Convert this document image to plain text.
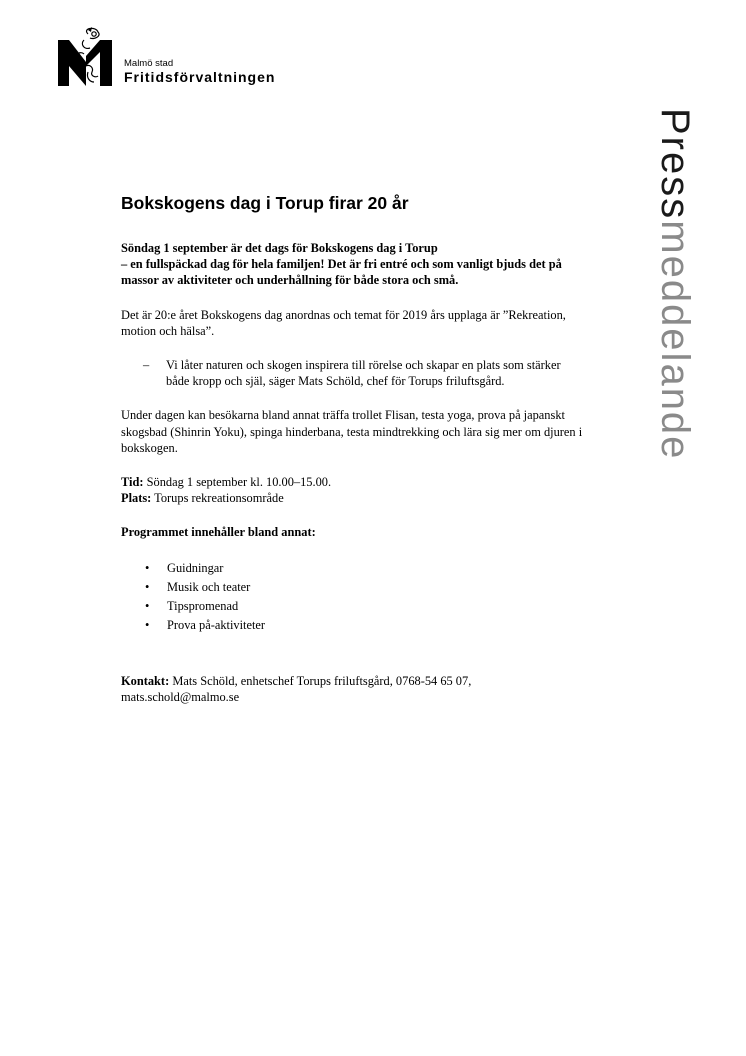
Malmö stad
Fritidsförvaltningen
Pressmeddelande
Bokskogens dag i Torup firar 20 år

Söndag 1 september är det dags för Bokskogens dag i Torup
– en fullspäckad dag för hela familjen! Det är fri entré och som vanligt bjuds det på massor av aktiviteter och underhållning för både stora och små.

Det är 20:e året Bokskogens dag anordnas och temat för 2019 års upplaga är ”Rekreation, motion och hälsa”.

–	Vi låter naturen och skogen inspirera till rörelse och skapar en plats som stärker både kropp och själ, säger Mats Schöld, chef för Torups friluftsgård.

Under dagen kan besökarna bland annat träffa trollet Flisan, testa yoga, prova på japanskt skogsbad (Shinrin Yoku), spinga hinderbana, testa mindtrekking och lära sig mer om djuren i bokskogen.

Tid: Söndag 1 september kl. 10.00–15.00.
Plats: Torups rekreationsområde

Programmet innehåller bland annat:

• Guidningar
• Musik och teater
• Tipspromenad
• Prova på-aktiviteter

Kontakt: Mats Schöld, enhetschef Torups friluftsgård, 0768-54 65 07,
mats.schold@malmo.se
